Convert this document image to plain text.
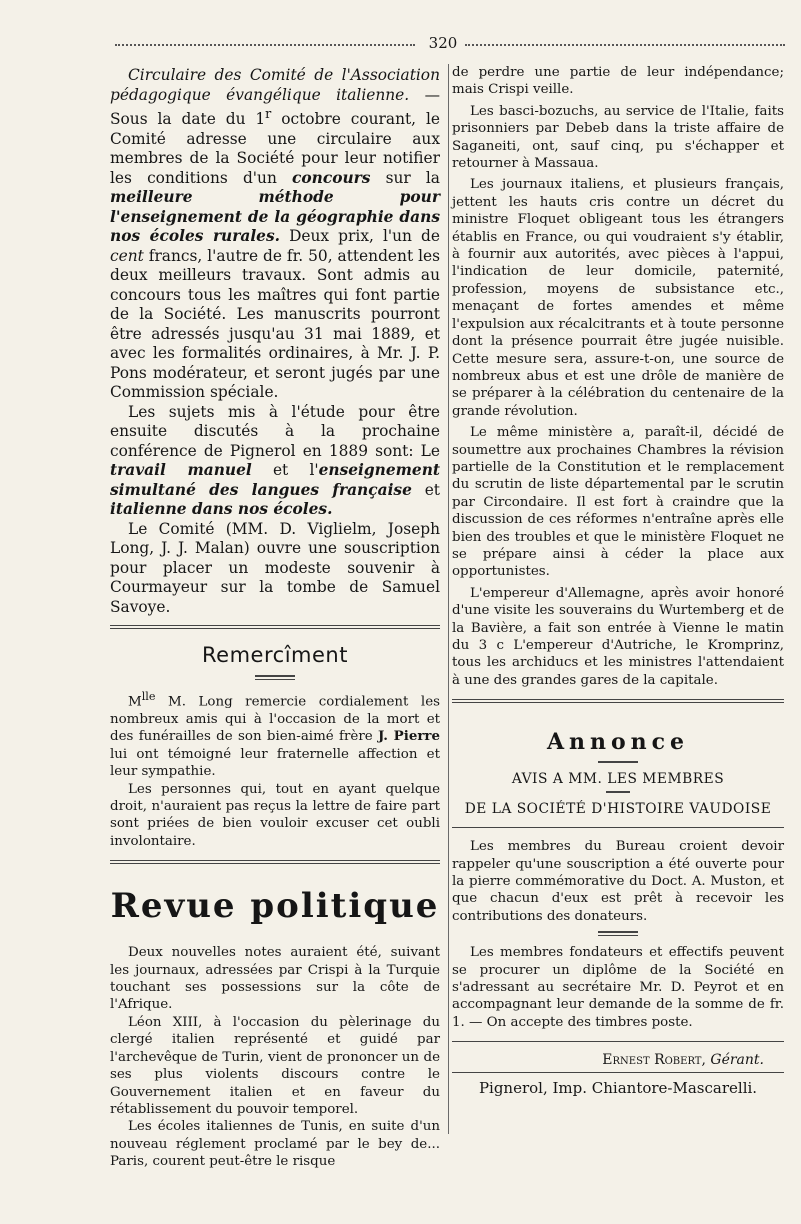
320

Circulaire des Comité de l'Association pédagogique évangélique italienne. — Sous la date du 1$^r$ octobre courant, le Comité adresse une circulaire aux membres de la Société pour leur notifier les conditions d'un concours sur la meilleure méthode pour l'enseignement de la géographie dans nos écoles rurales. Deux prix, l'un de cent francs, l'autre de fr. 50, attendent les deux meilleurs travaux. Sont admis au concours tous les maîtres qui font partie de la Société. Les manuscrits pourront être adressés jusqu'au 31 mai 1889, et avec les formalités ordinaires, à Mr. J. P. Pons modérateur, et seront jugés par une Commission spéciale.

Les sujets mis à l'étude pour être ensuite discutés à la prochaine conférence de Pignerol en 1889 sont: Le travail manuel et l'enseignement simultané des langues française et italienne dans nos écoles.

Le Comité (MM. D. Viglielm, Joseph Long, J. J. Malan) ouvre une souscription pour placer un modeste souvenir à Courmayeur sur la tombe de Samuel Savoye.

Remercîment

$M^{lle}$ M. Long remercie cordialement les nombreux amis qui à l'occasion de la mort et des funérailles de son bien-aimé frère J. Pierre lui ont témoigné leur fraternelle affection et leur sympathie.

Les personnes qui, tout en ayant quelque droit, n'auraient pas reçus la lettre de faire part sont priées de bien vouloir excuser cet oubli involontaire.

Revue politique

Deux nouvelles notes auraient été, suivant les journaux, adressées par Crispi à la Turquie touchant ses possessions sur la côte de l'Afrique.

Léon XIII, à l'occasion du pèlerinage du clergé italien représenté et guidé par l'archevêque de Turin, vient de prononcer un de ses plus violents discours contre le Gouvernement italien et en faveur du rétablissement du pouvoir temporel.

Les écoles italiennes de Tunis, en suite d'un nouveau réglement proclamé par le bey de... Paris, courent peut-être le risque

de perdre une partie de leur indépendance; mais Crispi veille.

Les basci-bozuchs, au service de l'Italie, faits prisonniers par Debeb dans la triste affaire de Saganeiti, ont, sauf cinq, pu s'échapper et retourner à Massaua.

Les journaux italiens, et plusieurs français, jettent les hauts cris contre un décret du ministre Floquet obligeant tous les étrangers établis en France, ou qui voudraient s'y établir, à fournir aux autorités, avec pièces à l'appui, l'indication de leur domicile, paternité, profession, moyens de subsistance etc., menaçant de fortes amendes et même l'expulsion aux récalcitrants et à toute personne dont la présence pourrait être jugée nuisible. Cette mesure sera, assure-t-on, une source de nombreux abus et est une drôle de manière de se préparer à la célébration du centenaire de la grande révolution.

Le même ministère a, paraît-il, décidé de soumettre aux prochaines Chambres la révision partielle de la Constitution et le remplacement du scrutin de liste départemental par le scrutin par Circondaire. Il est fort à craindre que la discussion de ces réformes n'entraîne après elle bien des troubles et que le ministère Floquet ne se prépare ainsi à céder la place aux opportunistes.

L'empereur d'Allemagne, après avoir honoré d'une visite les souverains du Wurtemberg et de la Bavière, a fait son entrée à Vienne le matin du 3 c L'empereur d'Autriche, le Kromprinz, tous les archiducs et les ministres l'attendaient à une des grandes gares de la capitale.

Annonce
AVIS A MM. LES MEMBRES
DE LA SOCIÉTÉ D'HISTOIRE VAUDOISE

Les membres du Bureau croient devoir rappeler qu'une souscription a été ouverte pour la pierre commémorative du Doct. A. Muston, et que chacun d'eux est prêt à recevoir les contributions des donateurs.

Les membres fondateurs et effectifs peuvent se procurer un diplôme de la Société en s'adressant au secrétaire Mr. D. Peyrot et en accompagnant leur demande de la somme de fr. 1. — On accepte des timbres poste.

Ernest Robert, Gérant.
Pignerol, Imp. Chiantore-Mascarelli.
